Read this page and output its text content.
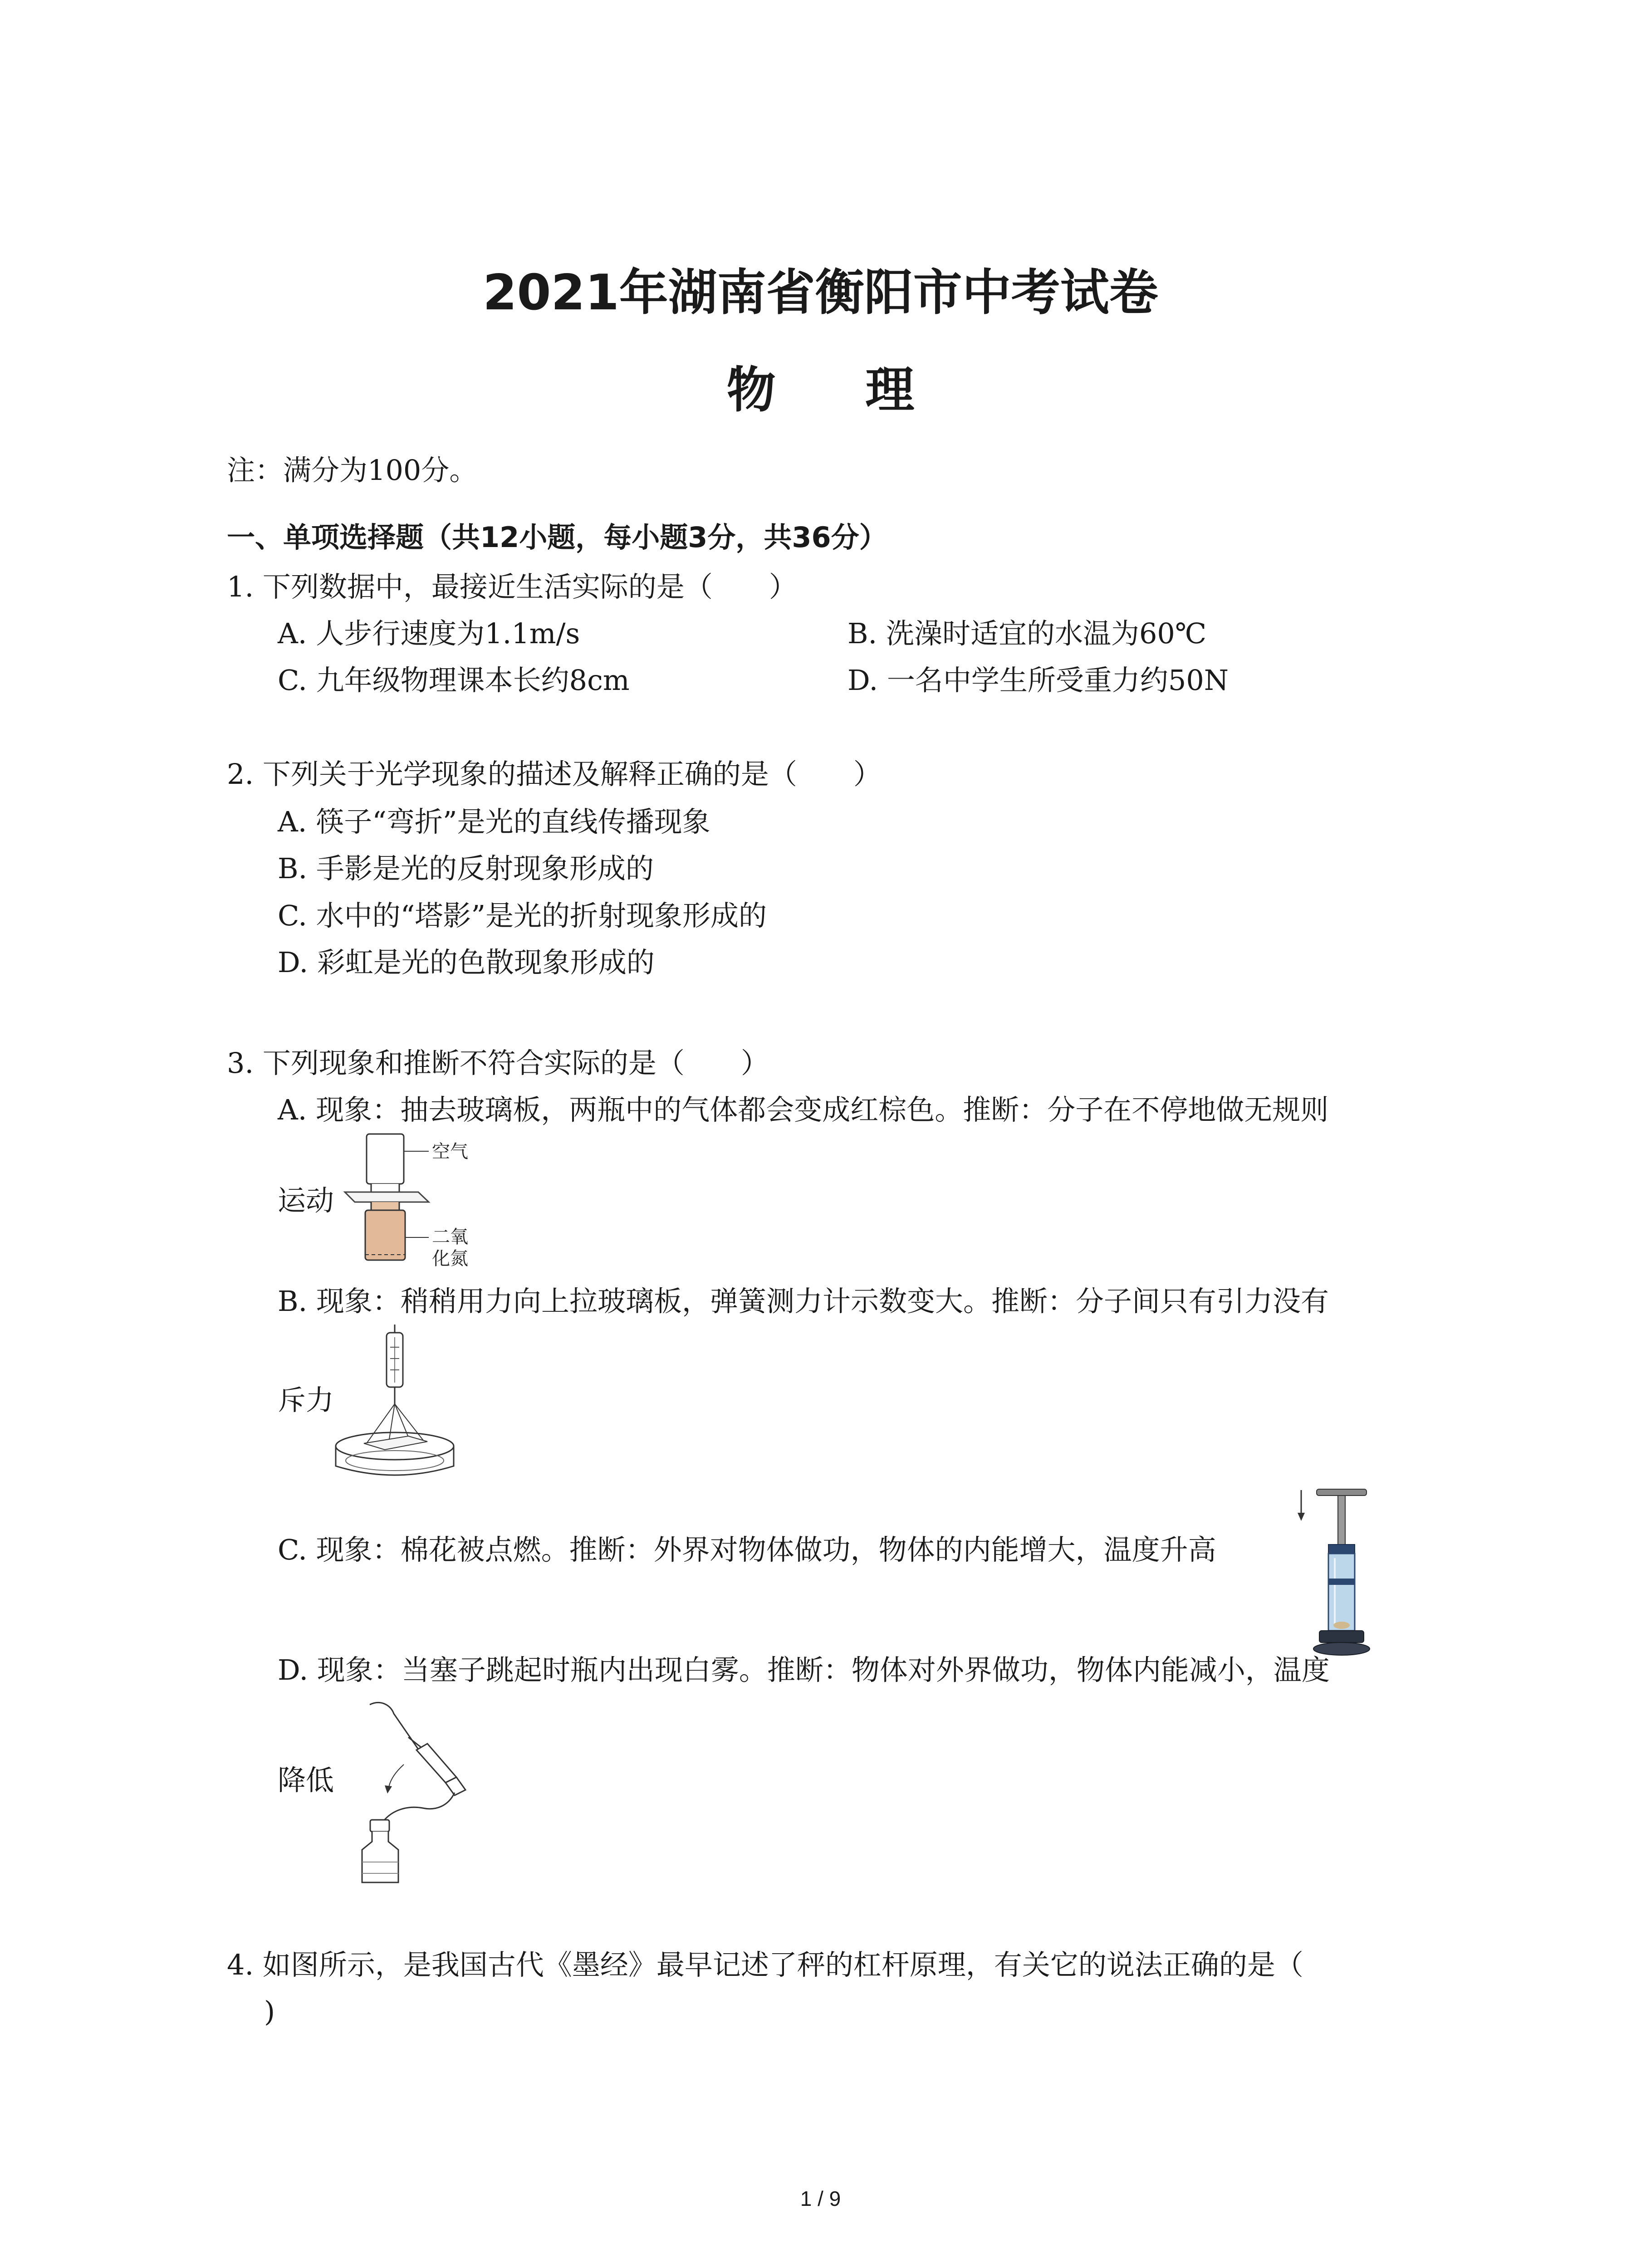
2021年湖南省衡阳市中考试卷
物 理
注：满分为100分。
一、单项选择题（共12小题，每小题3分，共36分）
1. 下列数据中，最接近生活实际的是（　　）
A. 人步行速度为1.1m/s	B. 洗澡时适宜的水温为60℃
C. 九年级物理课本长约8cm	D. 一名中学生所受重力约50N
2. 下列关于光学现象的描述及解释正确的是（　　）
A. 筷子“弯折”是光的直线传播现象
B. 手影是光的反射现象形成的
C. 水中的“塔影”是光的折射现象形成的
D. 彩虹是光的色散现象形成的
3. 下列现象和推断不符合实际的是（　　）
A. 现象：抽去玻璃板，两瓶中的气体都会变成红棕色。推断：分子在不停地做无规则
运动
空气
二氧
化氮
B. 现象：稍稍用力向上拉玻璃板，弹簧测力计示数变大。推断：分子间只有引力没有
斥力
C. 现象：棉花被点燃。推断：外界对物体做功，物体的内能增大，温度升高
D. 现象：当塞子跳起时瓶内出现白雾。推断：物体对外界做功，物体内能减小，温度
降低
4. 如图所示，是我国古代《墨经》最早记述了秤的杠杆原理，有关它的说法正确的是（
)
1 / 9
